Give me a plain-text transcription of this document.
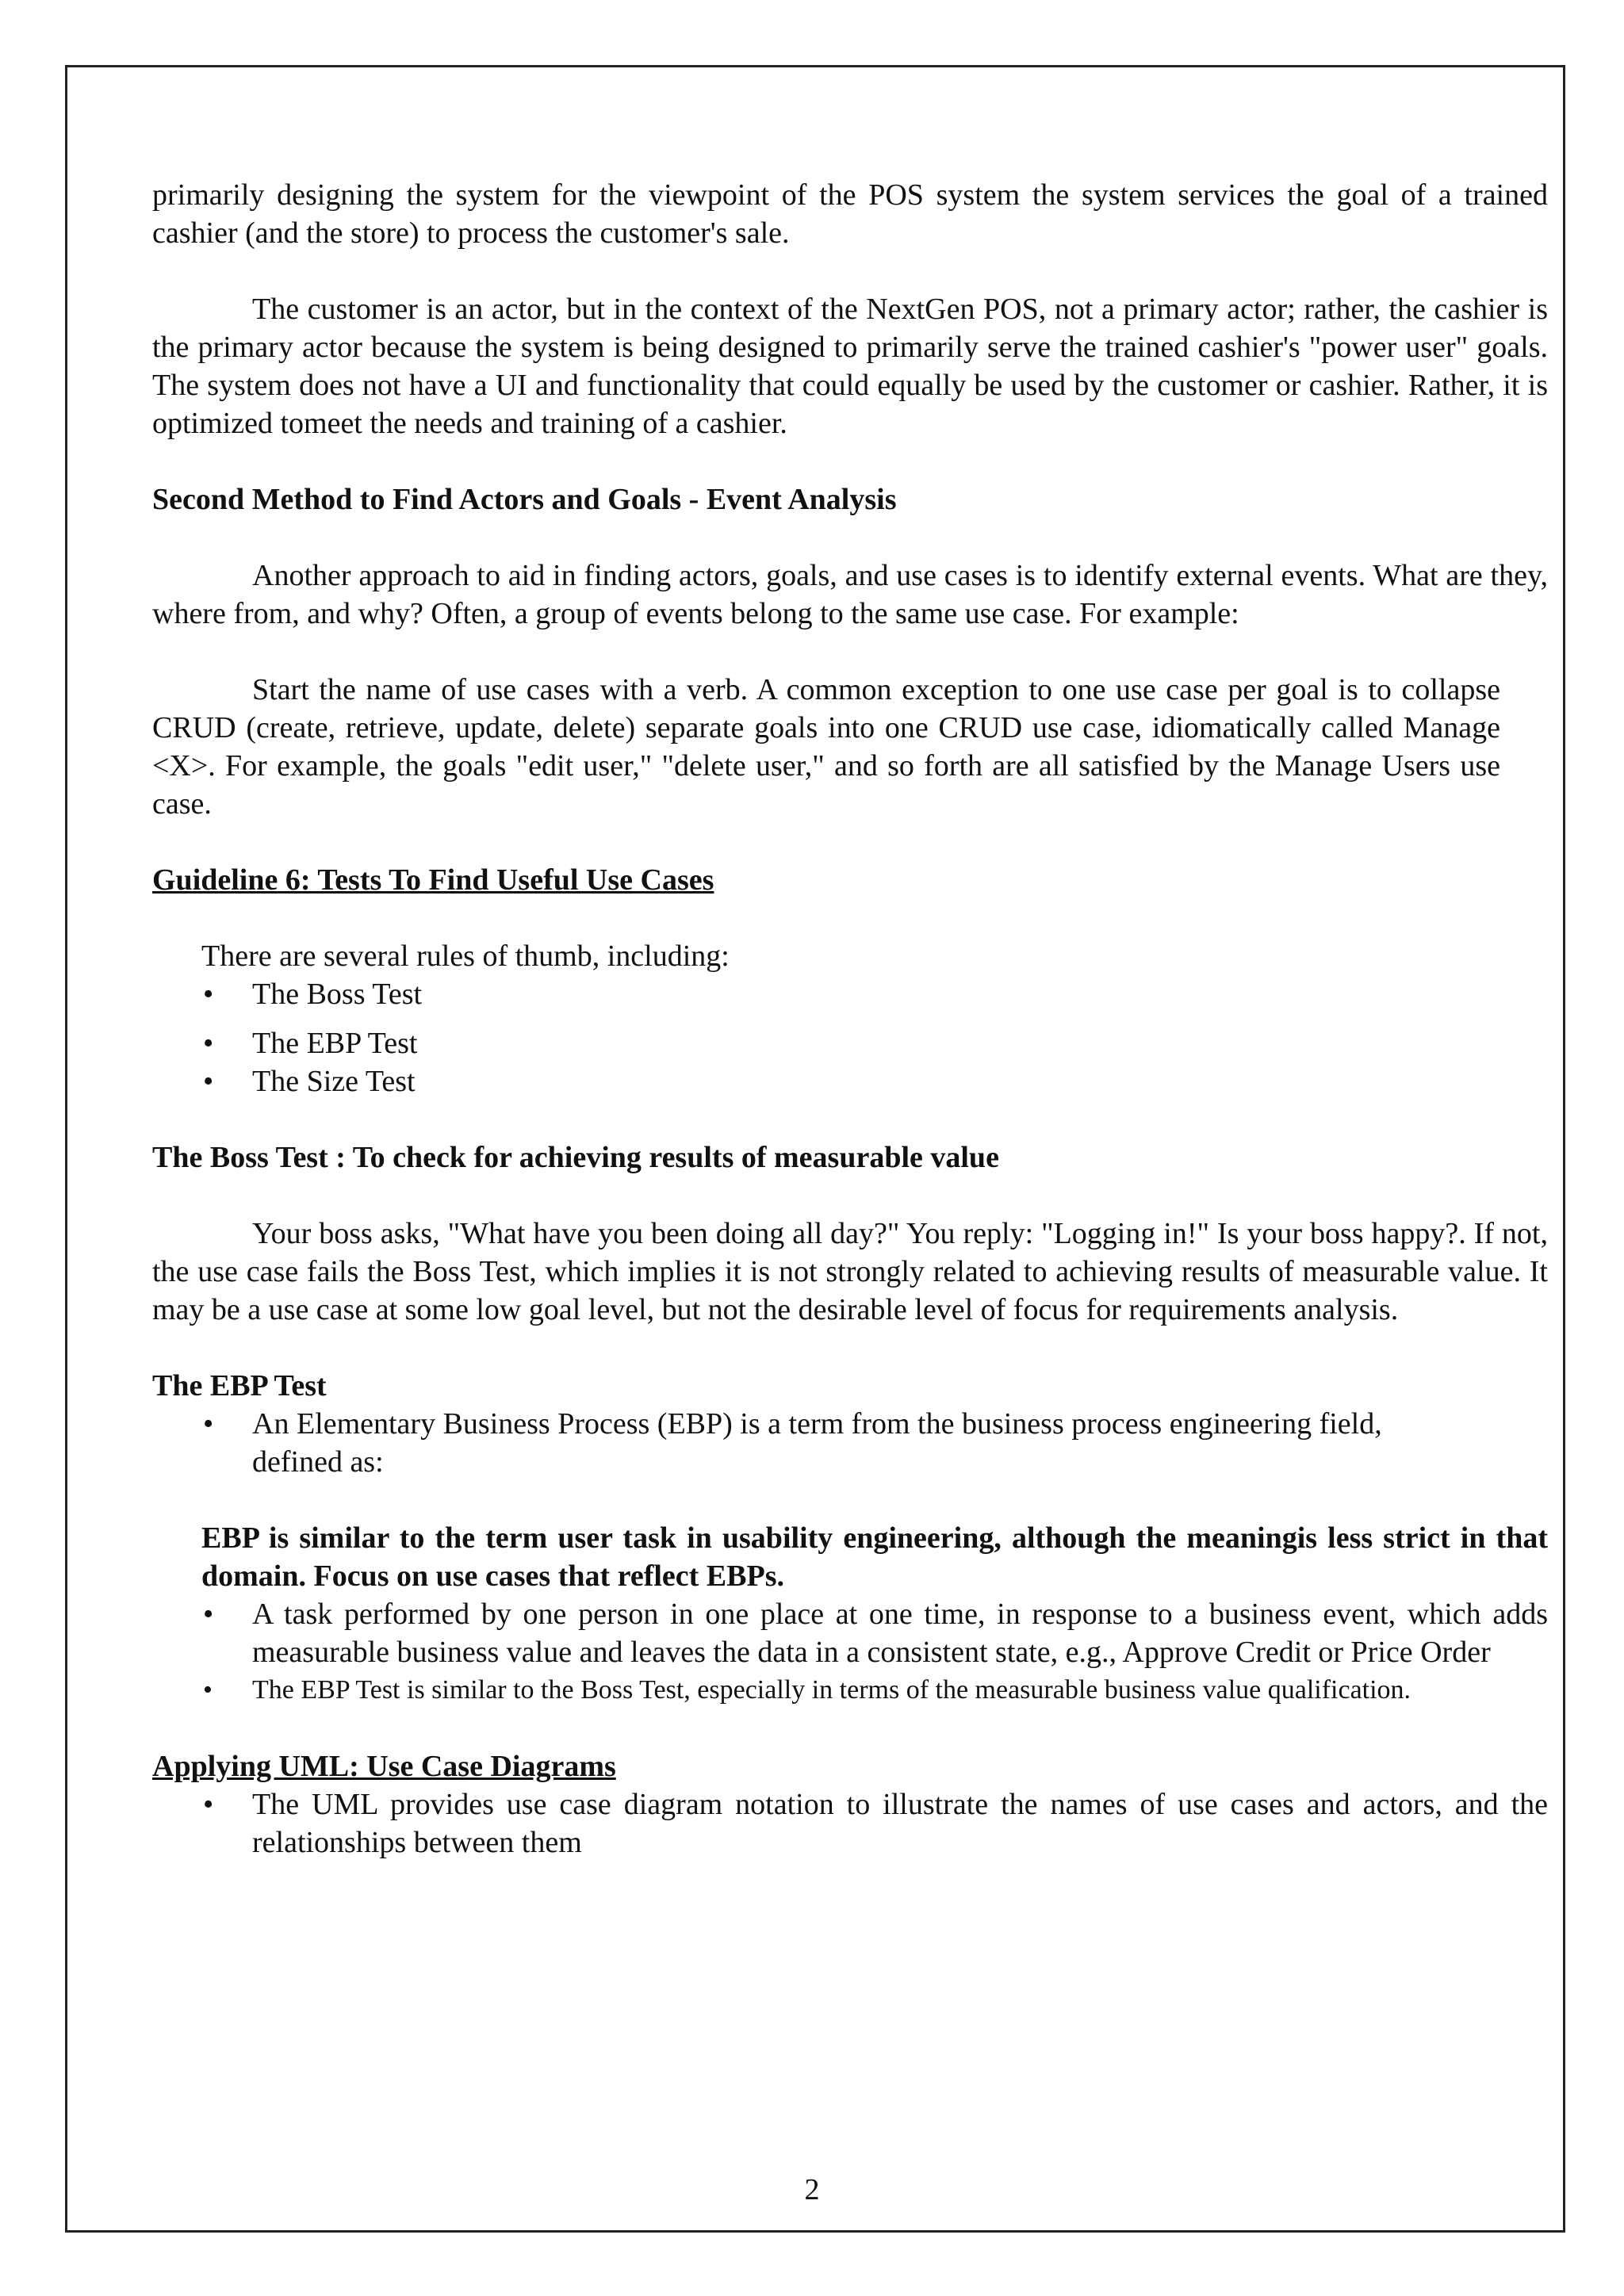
primarily designing the system for the viewpoint of the POS system the system services the goal of a trained cashier (and the store) to process the customer's sale.

The customer is an actor, but in the context of the NextGen POS, not a primary actor; rather, the cashier is the primary actor because the system is being designed to primarily serve the trained cashier's "power user" goals. The system does not have a UI and functionality that could equally be used by the customer or cashier. Rather, it is optimized tomeet the needs and training of a cashier.

Second Method to Find Actors and Goals - Event Analysis

Another approach to aid in finding actors, goals, and use cases is to identify external events. What are they, where from, and why? Often, a group of events belong to the same use case. For example:

Start the name of use cases with a verb. A common exception to one use case per goal is to collapse CRUD (create, retrieve, update, delete) separate goals into one CRUD use case, idiomatically called Manage <X>. For example, the goals "edit user," "delete user," and so forth are all satisfied by the Manage Users use case.

Guideline 6: Tests To Find Useful Use Cases

There are several rules of thumb, including:

• The Boss Test
• The EBP Test
• The Size Test

The Boss Test : To check for achieving results of measurable value

Your boss asks, "What have you been doing all day?" You reply: "Logging in!" Is your boss happy?. If not, the use case fails the Boss Test, which implies it is not strongly related to achieving results of measurable value. It may be a use case at some low goal level, but not the desirable level of focus for requirements analysis.

The EBP Test

• An Elementary Business Process (EBP) is a term from the business process engineering field, defined as:

EBP is similar to the term user task in usability engineering, although the meaningis less strict in that domain. Focus on use cases that reflect EBPs.

• A task performed by one person in one place at one time, in response to a business event, which adds measurable business value and leaves the data in a consistent state, e.g., Approve Credit or Price Order
• The EBP Test is similar to the Boss Test, especially in terms of the measurable business value qualification.

Applying UML: Use Case Diagrams

• The UML provides use case diagram notation to illustrate the names of use cases and actors, and the relationships between them
2
